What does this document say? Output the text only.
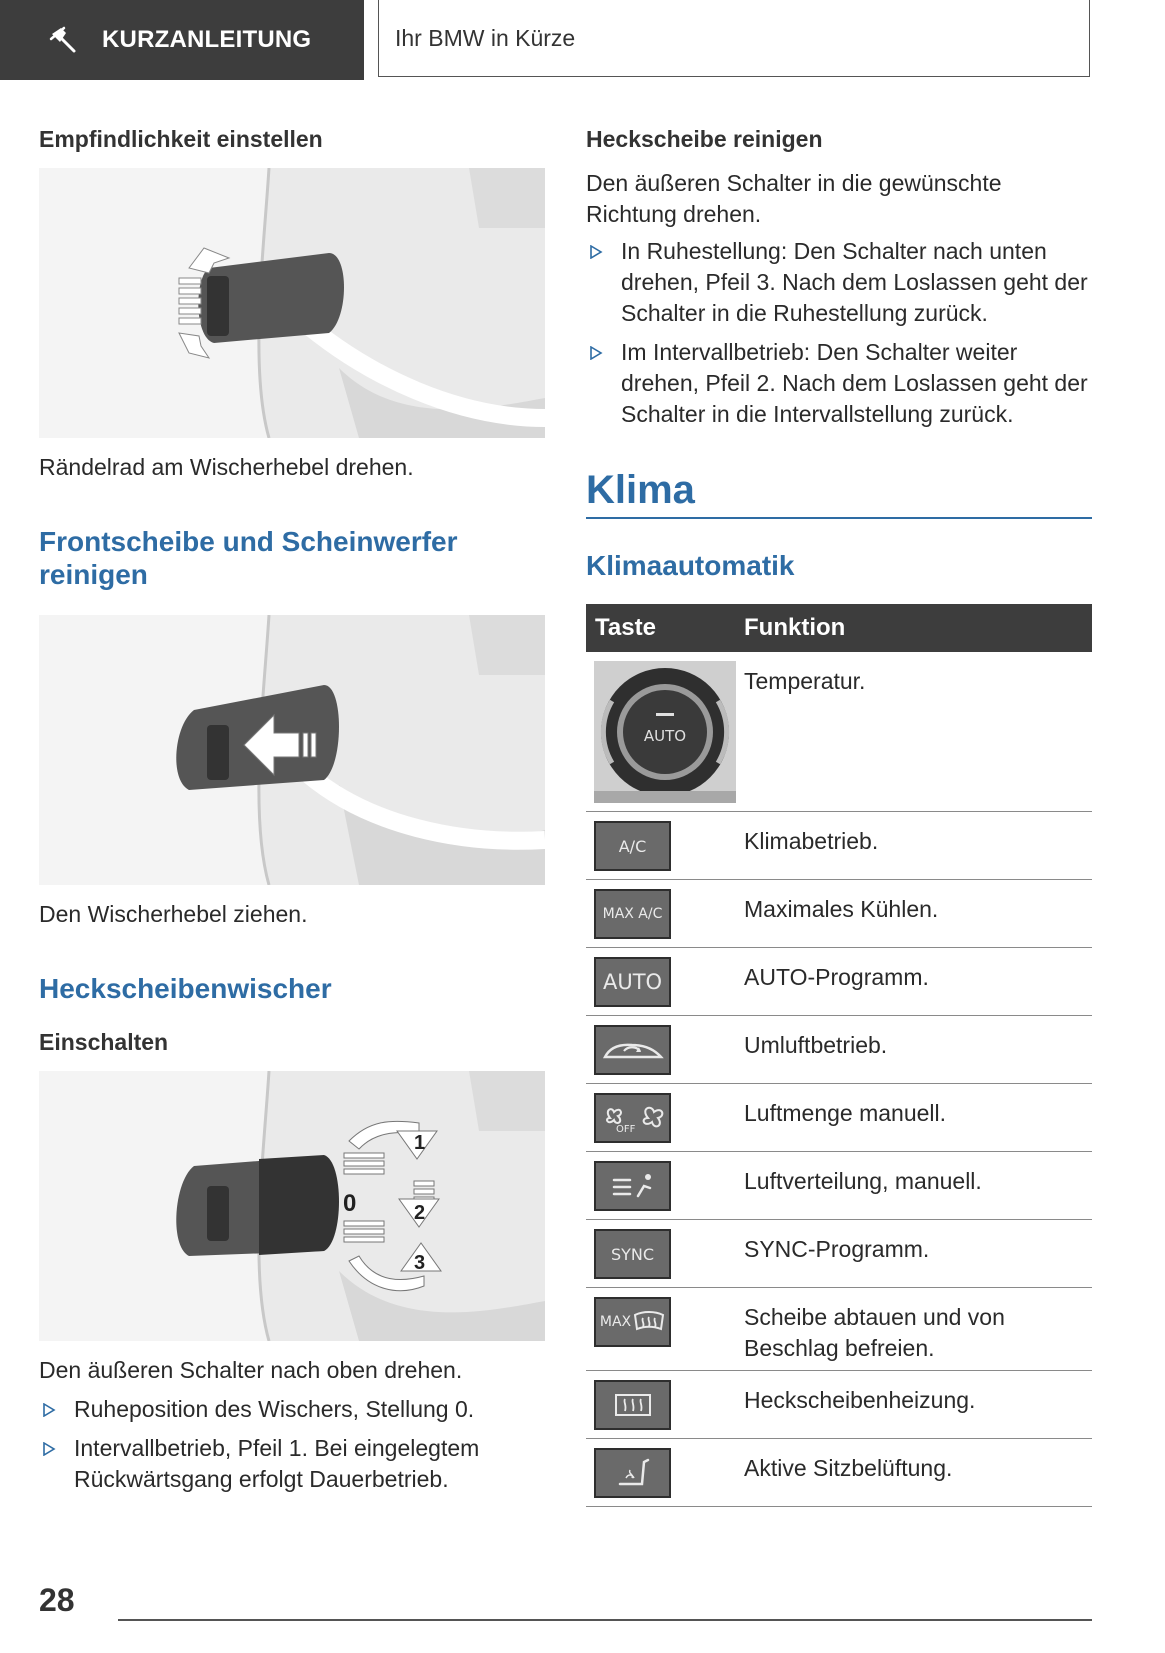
KURZANLEITUNG	Ihr BMW in Kürze
Empfindlichkeit einstellen

Rändelrad am Wischerhebel drehen.

Frontscheibe und Scheinwerfer reinigen

Den Wischerhebel ziehen.

Heckscheibenwischer
Einschalten
1
0	2
3

Den äußeren Schalter nach oben drehen.

Ruheposition des Wischers, Stellung 0.
Intervallbetrieb, Pfeil 1. Bei eingelegtem Rückwärtsgang erfolgt Dauerbetrieb.
Heckscheibe reinigen

Den äußeren Schalter in die gewünschte Richtung drehen.

In Ruhestellung: Den Schalter nach unten drehen, Pfeil 3. Nach dem Loslassen geht der Schalter in die Ruhestellung zurück.
Im Intervallbetrieb: Den Schalter weiter drehen, Pfeil 2. Nach dem Loslassen geht der Schalter in die Intervallstellung zurück.
Klima
Klimaautomatik
Taste	Funktion

AUTO	Temperatur.

A/C	Klimabetrieb.

MAX A/C	Maximales Kühlen.

AUTO	AUTO-Programm.

	Umluftbetrieb.

OFF	Luftmenge manuell.

	Luftverteilung, manuell.

SYNC	SYNC-Programm.

MAX	Scheibe abtauen und von Beschlag befreien.

	Heckscheibenheizung.

	Aktive Sitzbelüftung.
28
